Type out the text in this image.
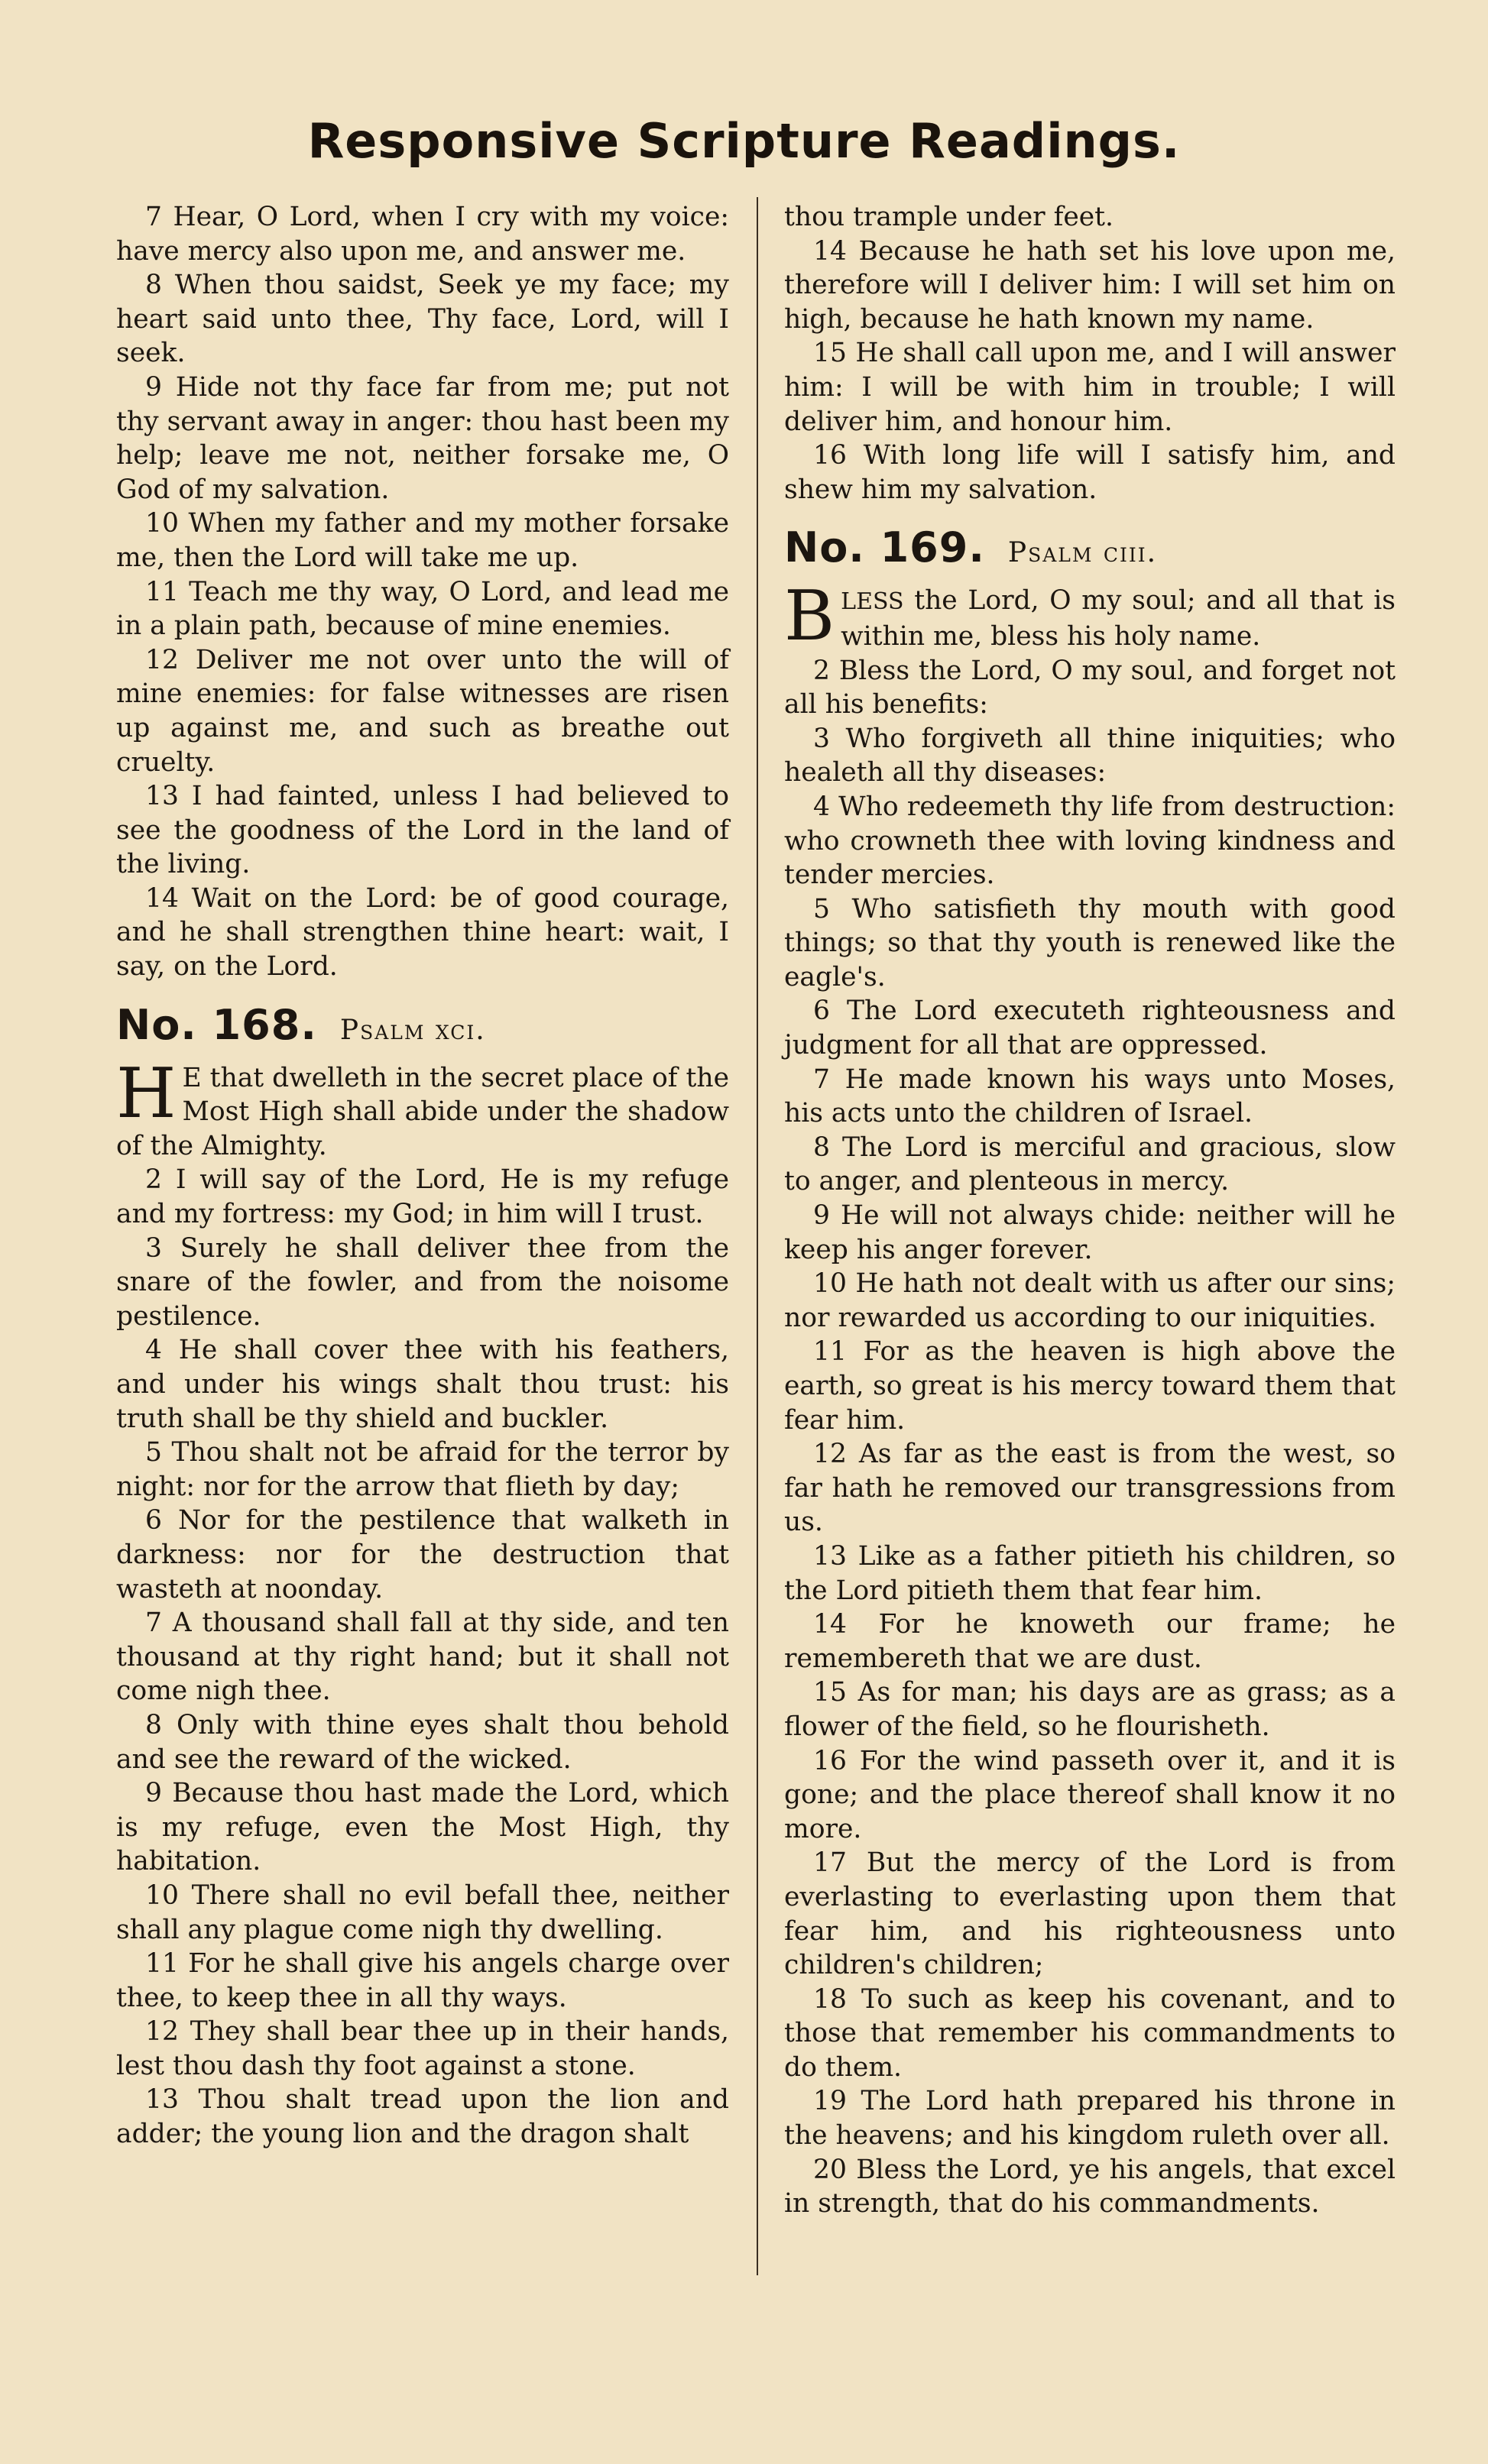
Responsive Scripture Readings.

7 Hear, O Lord, when I cry with my voice: have mercy also upon me, and answer me.

8 When thou saidst, Seek ye my face; my heart said unto thee, Thy face, Lord, will I seek.

9 Hide not thy face far from me; put not thy servant away in anger: thou hast been my help; leave me not, neither forsake me, O God of my salvation.

10 When my father and my mother forsake me, then the Lord will take me up.

11 Teach me thy way, O Lord, and lead me in a plain path, because of mine enemies.

12 Deliver me not over unto the will of mine enemies: for false witnesses are risen up against me, and such as breathe out cruelty.

13 I had fainted, unless I had believed to see the goodness of the Lord in the land of the living.

14 Wait on the Lord: be of good courage, and he shall strengthen thine heart: wait, I say, on the Lord.

No. 168. Psalm xci.

H E that dwelleth in the secret place of the Most High shall abide under the shadow of the Almighty.

2 I will say of the Lord, He is my refuge and my fortress: my God; in him will I trust.

3 Surely he shall deliver thee from the snare of the fowler, and from the noisome pestilence.

4 He shall cover thee with his feathers, and under his wings shalt thou trust: his truth shall be thy shield and buckler.

5 Thou shalt not be afraid for the terror by night: nor for the arrow that flieth by day;

6 Nor for the pestilence that walketh in darkness: nor for the destruction that wasteth at noonday.

7 A thousand shall fall at thy side, and ten thousand at thy right hand; but it shall not come nigh thee.

8 Only with thine eyes shalt thou behold and see the reward of the wicked.

9 Because thou hast made the Lord, which is my refuge, even the Most High, thy habitation.

10 There shall no evil befall thee, neither shall any plague come nigh thy dwelling.

11 For he shall give his angels charge over thee, to keep thee in all thy ways.

12 They shall bear thee up in their hands, lest thou dash thy foot against a stone.

13 Thou shalt tread upon the lion and adder; the young lion and the dragon shalt

thou trample under feet.

14 Because he hath set his love upon me, therefore will I deliver him: I will set him on high, because he hath known my name.

15 He shall call upon me, and I will answer him: I will be with him in trouble; I will deliver him, and honour him.

16 With long life will I satisfy him, and shew him my salvation.

No. 169. Psalm ciii.

BLESS the Lord, O my soul; and all that is within me, bless his holy name.

2 Bless the Lord, O my soul, and forget not all his benefits:

3 Who forgiveth all thine iniquities; who healeth all thy diseases:

4 Who redeemeth thy life from destruction: who crowneth thee with loving kindness and tender mercies.

5 Who satisfieth thy mouth with good things; so that thy youth is renewed like the eagle's.

6 The Lord executeth righteousness and judgment for all that are oppressed.

7 He made known his ways unto Moses, his acts unto the children of Israel.

8 The Lord is merciful and gracious, slow to anger, and plenteous in mercy.

9 He will not always chide: neither will he keep his anger forever.

10 He hath not dealt with us after our sins; nor rewarded us according to our iniquities.

11 For as the heaven is high above the earth, so great is his mercy toward them that fear him.

12 As far as the east is from the west, so far hath he removed our transgressions from us.

13 Like as a father pitieth his children, so the Lord pitieth them that fear him.

14 For he knoweth our frame; he remembereth that we are dust.

15 As for man; his days are as grass; as a flower of the field, so he flourisheth.

16 For the wind passeth over it, and it is gone; and the place thereof shall know it no more.

17 But the mercy of the Lord is from everlasting to everlasting upon them that fear him, and his righteousness unto children's children;

18 To such as keep his covenant, and to those that remember his commandments to do them.

19 The Lord hath prepared his throne in the heavens; and his kingdom ruleth over all.

20 Bless the Lord, ye his angels, that excel in strength, that do his commandments.
